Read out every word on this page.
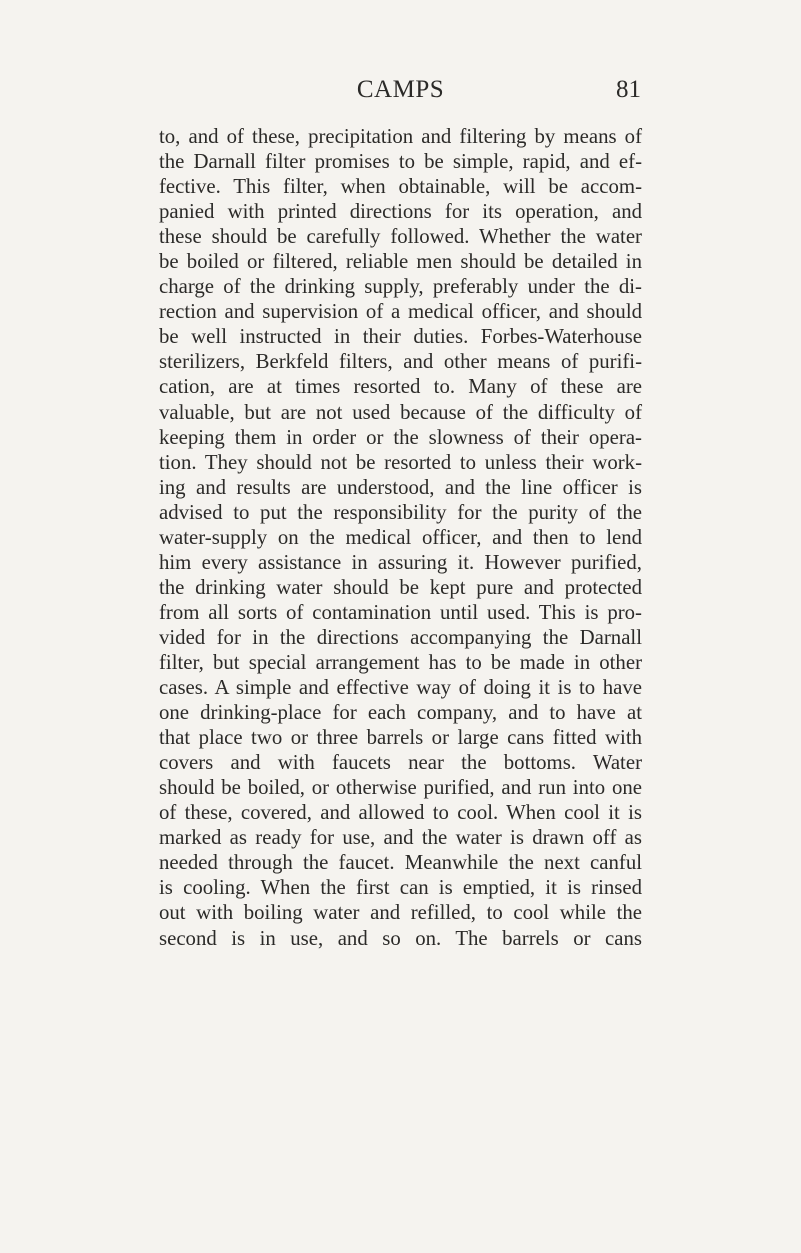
CAMPS	81
to, and of these, precipitation and filtering by means of
the Darnall filter promises to be simple, rapid, and ef-
fective. This filter, when obtainable, will be accom-
panied with printed directions for its operation, and
these should be carefully followed. Whether the water
be boiled or filtered, reliable men should be detailed in
charge of the drinking supply, preferably under the di-
rection and supervision of a medical officer, and should
be well instructed in their duties. Forbes-Waterhouse
sterilizers, Berkfeld filters, and other means of purifi-
cation, are at times resorted to. Many of these are
valuable, but are not used because of the difficulty of
keeping them in order or the slowness of their opera-
tion. They should not be resorted to unless their work-
ing and results are understood, and the line officer is
advised to put the responsibility for the purity of the
water-supply on the medical officer, and then to lend
him every assistance in assuring it. However purified,
the drinking water should be kept pure and protected
from all sorts of contamination until used. This is pro-
vided for in the directions accompanying the Darnall
filter, but special arrangement has to be made in other
cases. A simple and effective way of doing it is to have
one drinking-place for each company, and to have at
that place two or three barrels or large cans fitted with
covers and with faucets near the bottoms. Water
should be boiled, or otherwise purified, and run into one
of these, covered, and allowed to cool. When cool it is
marked as ready for use, and the water is drawn off as
needed through the faucet. Meanwhile the next canful
is cooling. When the first can is emptied, it is rinsed
out with boiling water and refilled, to cool while the
second is in use, and so on. The barrels or cans
